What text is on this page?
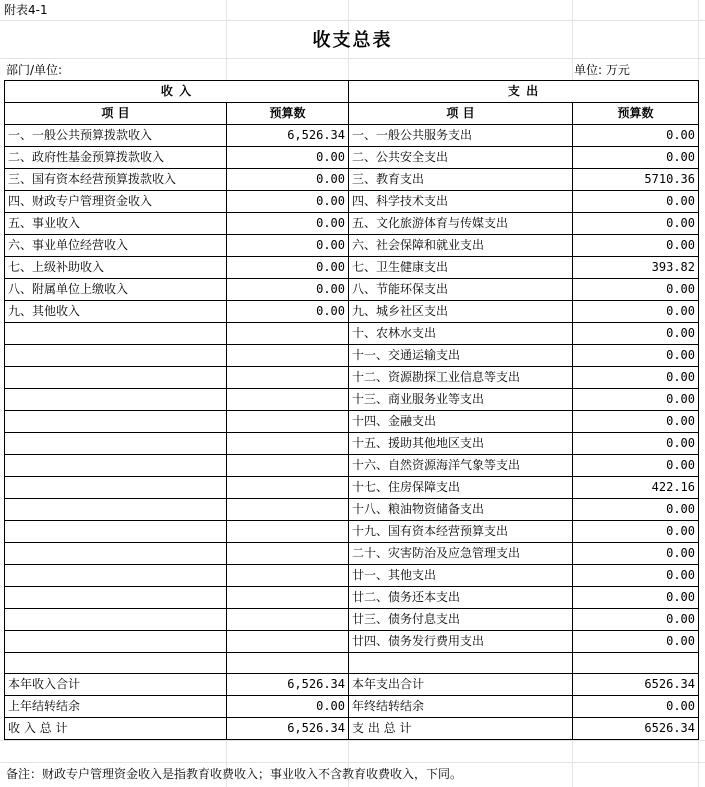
附表4-1
收支总表
部门/单位:	单位: 万元
收 入		支 出	
项 目	预算数	项 目	预算数
一、一般公共预算拨款收入	6,526.34	一、一般公共服务支出	0.00
二、政府性基金预算拨款收入	0.00	二、公共安全支出	0.00
三、国有资本经营预算拨款收入	0.00	三、教育支出	5710.36
四、财政专户管理资金收入	0.00	四、科学技术支出	0.00
五、事业收入	0.00	五、文化旅游体育与传媒支出	0.00
六、事业单位经营收入	0.00	六、社会保障和就业支出	0.00
七、上级补助收入	0.00	七、卫生健康支出	393.82
八、附属单位上缴收入	0.00	八、节能环保支出	0.00
九、其他收入	0.00	九、城乡社区支出	0.00
		十、农林水支出	0.00
		十一、交通运输支出	0.00
		十二、资源勘探工业信息等支出	0.00
		十三、商业服务业等支出	0.00
		十四、金融支出	0.00
		十五、援助其他地区支出	0.00
		十六、自然资源海洋气象等支出	0.00
		十七、住房保障支出	422.16
		十八、粮油物资储备支出	0.00
		十九、国有资本经营预算支出	0.00
		二十、灾害防治及应急管理支出	0.00
		廿一、其他支出	0.00
		廿二、债务还本支出	0.00
		廿三、债务付息支出	0.00
		廿四、债务发行费用支出	0.00

本年收入合计	6,526.34	本年支出合计	6526.34
上年结转结余	0.00	年终结转结余	0.00
收 入 总 计	6,526.34	支 出 总 计	6526.34
备注：财政专户管理资金收入是指教育收费收入；事业收入不含教育收费收入，下同。
